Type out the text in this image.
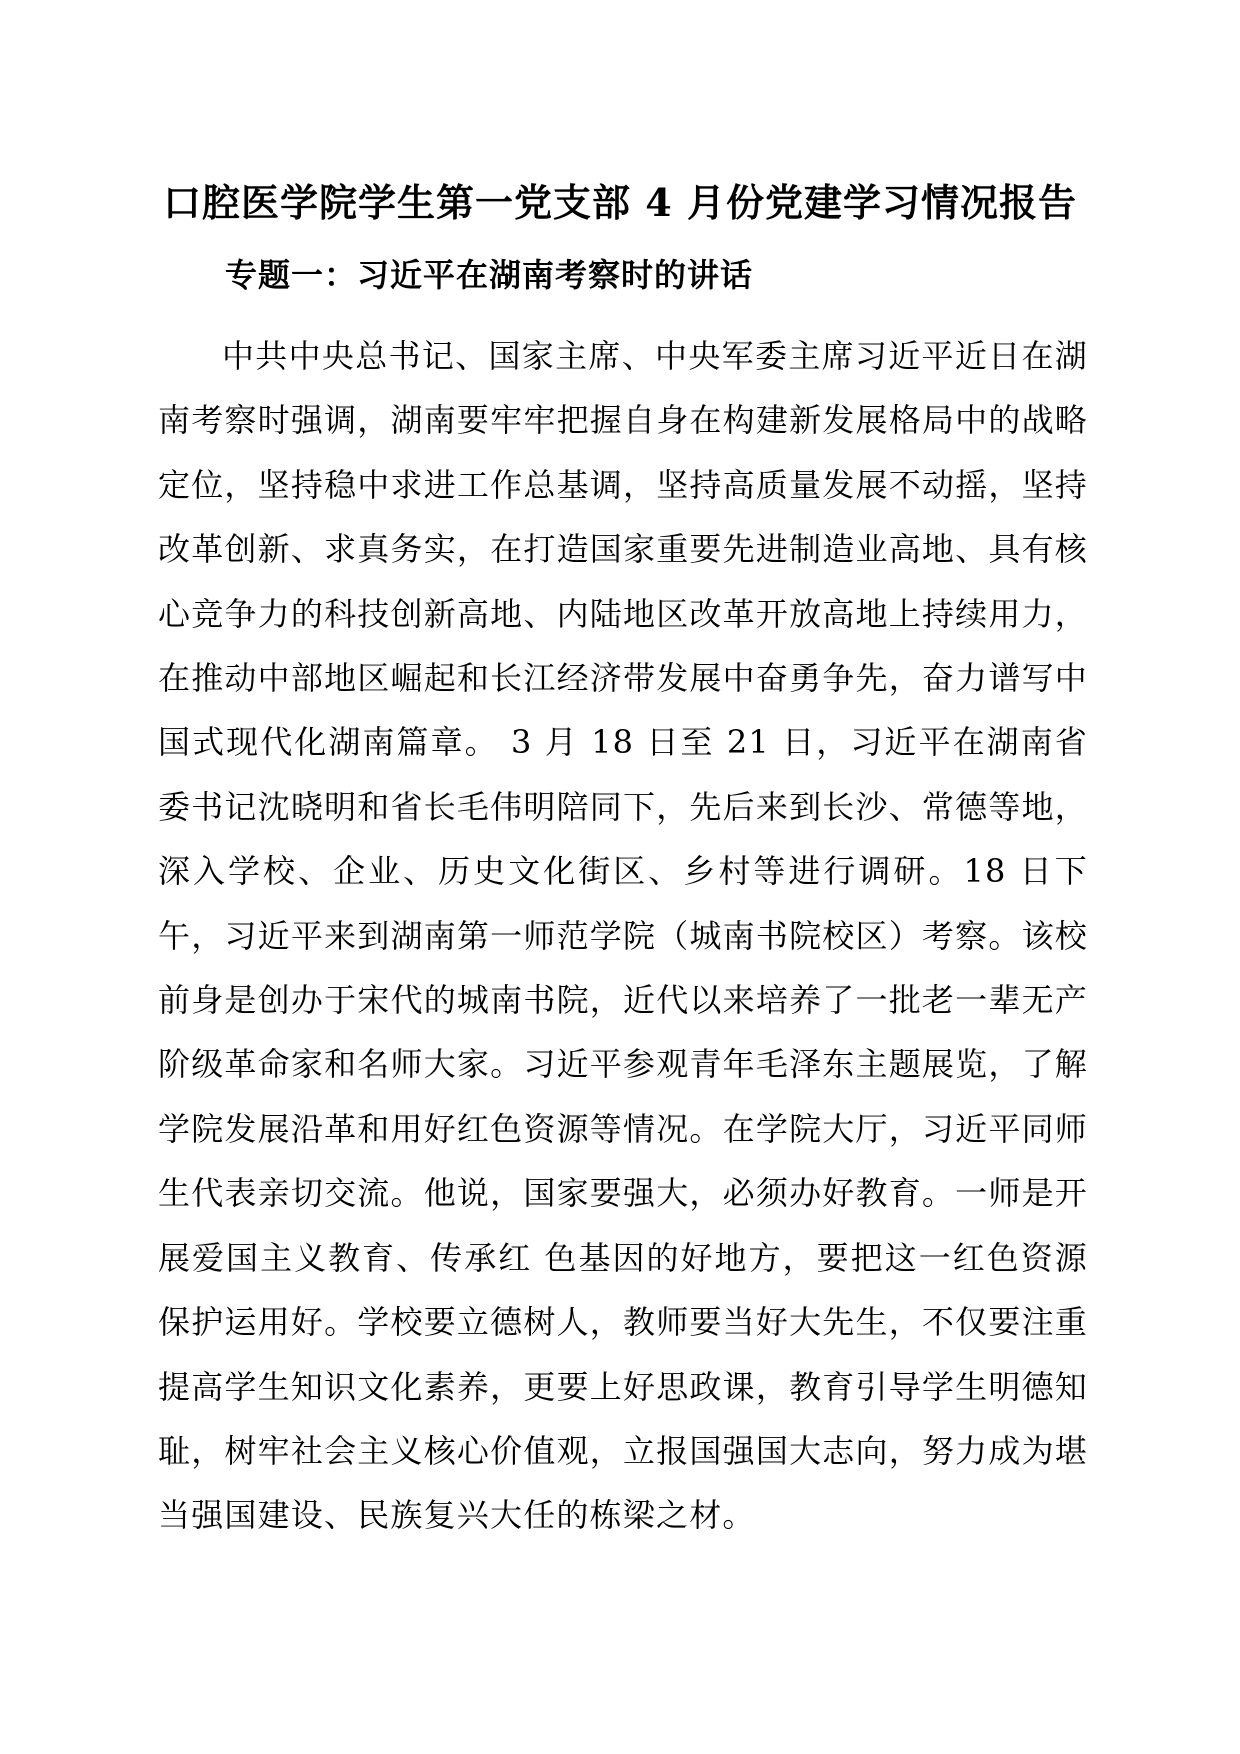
口腔医学院学生第一党支部 4 月份党建学习情况报告
专题一：习近平在湖南考察时的讲话

中共中央总书记、国家主席、中央军委主席习近平近日在湖南考察时强调，湖南要牢牢把握自身在构建新发展格局中的战略定位，坚持稳中求进工作总基调，坚持高质量发展不动摇，坚持改革创新、求真务实，在打造国家重要先进制造业高地、具有核心竞争力的科技创新高地、内陆地区改革开放高地上持续用力，在推动中部地区崛起和长江经济带发展中奋勇争先，奋力谱写中国式现代化湖南篇章。 3 月 18 日至 21 日，习近平在湖南省委书记沈晓明和省长毛伟明陪同下，先后来到长沙、常德等地，深入学校、企业、历史文化街区、乡村等进行调研。18 日下午，习近平来到湖南第一师范学院（城南书院校区）考察。该校前身是创办于宋代的城南书院，近代以来培养了一批老一辈无产阶级革命家和名师大家。习近平参观青年毛泽东主题展览，了解学院发展沿革和用好红色资源等情况。在学院大厅，习近平同师生代表亲切交流。他说，国家要强大，必须办好教育。一师是开展爱国主义教育、传承红 色基因的好地方，要把这一红色资源保护运用好。学校要立德树人，教师要当好大先生，不仅要注重提高学生知识文化素养，更要上好思政课，教育引导学生明德知耻，树牢社会主义核心价值观，立报国强国大志向，努力成为堪当强国建设、民族复兴大任的栋梁之材。
